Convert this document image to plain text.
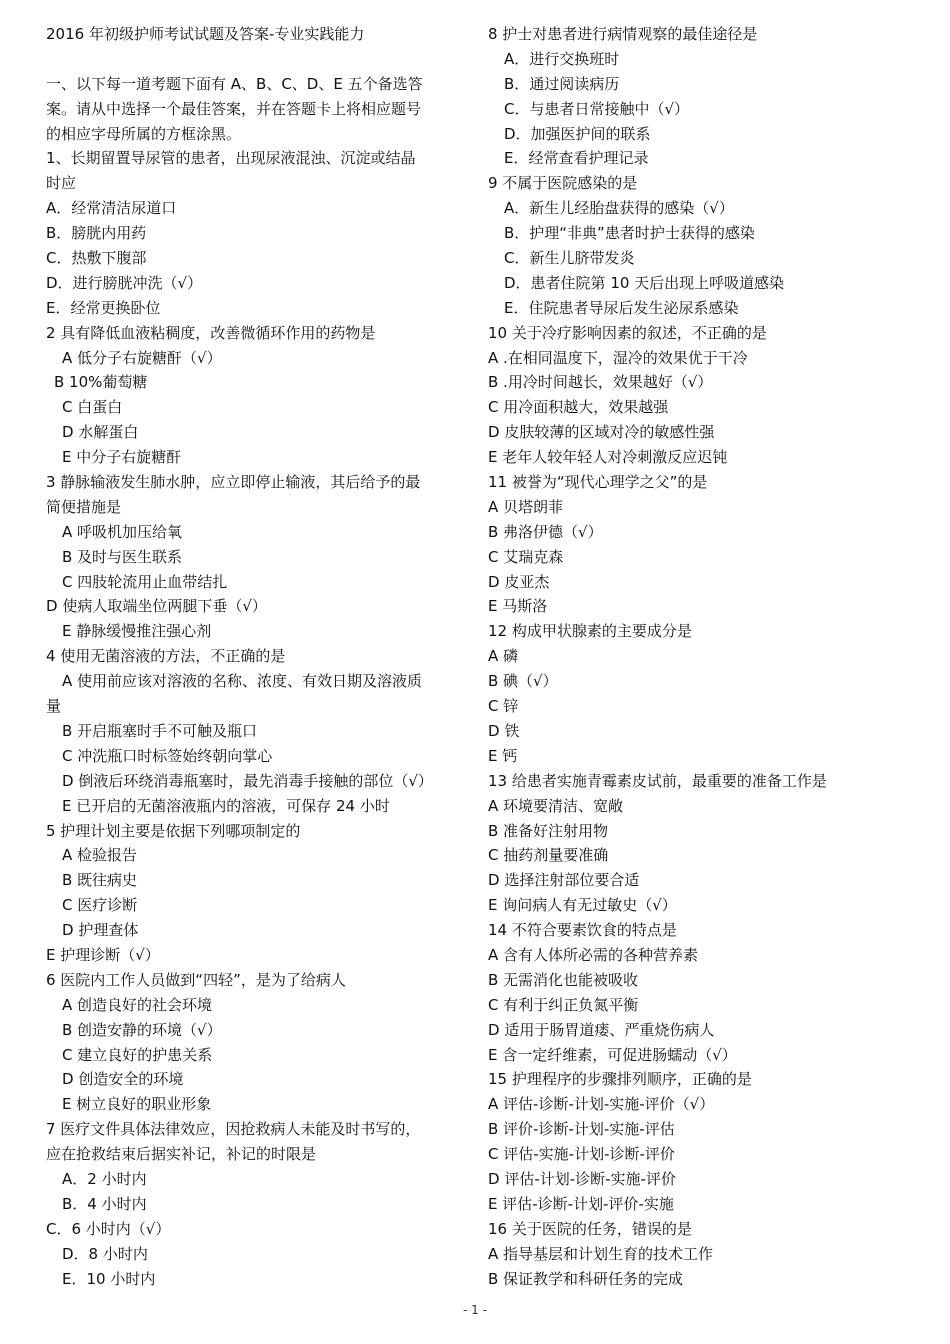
2016 年初级护师考试试题及答案-专业实践能力
一、以下每一道考题下面有 A、B、C、D、E 五个备选答
案。请从中选择一个最佳答案，并在答题卡上将相应题号
的相应字母所属的方框涂黑。
1、长期留置导尿管的患者，出现尿液混浊、沉淀或结晶
时应
A．经常清洁尿道口
B．膀胱内用药
C．热敷下腹部
D．进行膀胱冲洗（√）
E．经常更换卧位
2 具有降低血液粘稠度，改善微循环作用的药物是
A 低分子右旋糖酐（√）
B 10%葡萄糖
C 白蛋白
D 水解蛋白
E 中分子右旋糖酐
3 静脉输液发生肺水肿，应立即停止输液，其后给予的最
简便措施是
A 呼吸机加压给氧
B 及时与医生联系
C 四肢轮流用止血带结扎
D 使病人取端坐位两腿下垂（√）
E 静脉缓慢推注强心剂
4 使用无菌溶液的方法，不正确的是
A 使用前应该对溶液的名称、浓度、有效日期及溶液质
量
B 开启瓶塞时手不可触及瓶口
C 冲洗瓶口时标签始终朝向掌心
D 倒液后环绕消毒瓶塞时，最先消毒手接触的部位（√）
E 已开启的无菌溶液瓶内的溶液，可保存 24 小时
5 护理计划主要是依据下列哪项制定的
A 检验报告
B 既往病史
C 医疗诊断
D 护理查体
E 护理诊断（√）
6 医院内工作人员做到“四轻”，是为了给病人
A 创造良好的社会环境
B 创造安静的环境（√）
C 建立良好的护患关系
D 创造安全的环境
E 树立良好的职业形象
7 医疗文件具体法律效应，因抢救病人未能及时书写的，
应在抢救结束后据实补记，补记的时限是
A．2 小时内
B．4 小时内
C．6 小时内（√）
D．8 小时内
E．10 小时内
8 护士对患者进行病情观察的最佳途径是
A．进行交换班时
B．通过阅读病历
C．与患者日常接触中（√）
D．加强医护间的联系
E．经常查看护理记录
9 不属于医院感染的是
A．新生儿经胎盘获得的感染（√）
B．护理“非典”患者时护士获得的感染
C．新生儿脐带发炎
D．患者住院第 10 天后出现上呼吸道感染
E．住院患者导尿后发生泌尿系感染
10 关于冷疗影响因素的叙述，不正确的是
A .在相同温度下，湿冷的效果优于干冷
B .用冷时间越长，效果越好（√）
C 用冷面积越大，效果越强
D 皮肤较薄的区域对冷的敏感性强
E 老年人较年轻人对冷刺激反应迟钝
11 被誉为“现代心理学之父”的是
A 贝塔朗菲
B 弗洛伊德（√）
C 艾瑞克森
D 皮亚杰
E 马斯洛
12 构成甲状腺素的主要成分是
A 磷
B 碘（√）
C 锌
D 铁
E 钙
13 给患者实施青霉素皮试前，最重要的准备工作是
A 环境要清洁、宽敞
B 准备好注射用物
C 抽药剂量要准确
D 选择注射部位要合适
E 询问病人有无过敏史（√）
14 不符合要素饮食的特点是
A 含有人体所必需的各种营养素
B 无需消化也能被吸收
C 有利于纠正负氮平衡
D 适用于肠胃道瘘、严重烧伤病人
E 含一定纤维素，可促进肠蠕动（√）
15 护理程序的步骤排列顺序，正确的是
A 评估-诊断-计划-实施-评价（√）
B 评价-诊断-计划-实施-评估
C 评估-实施-计划-诊断-评价
D 评估-计划-诊断-实施-评价
E 评估-诊断-计划-评价-实施
16 关于医院的任务，错误的是
A 指导基层和计划生育的技术工作
B 保证教学和科研任务的完成
- 1 -
